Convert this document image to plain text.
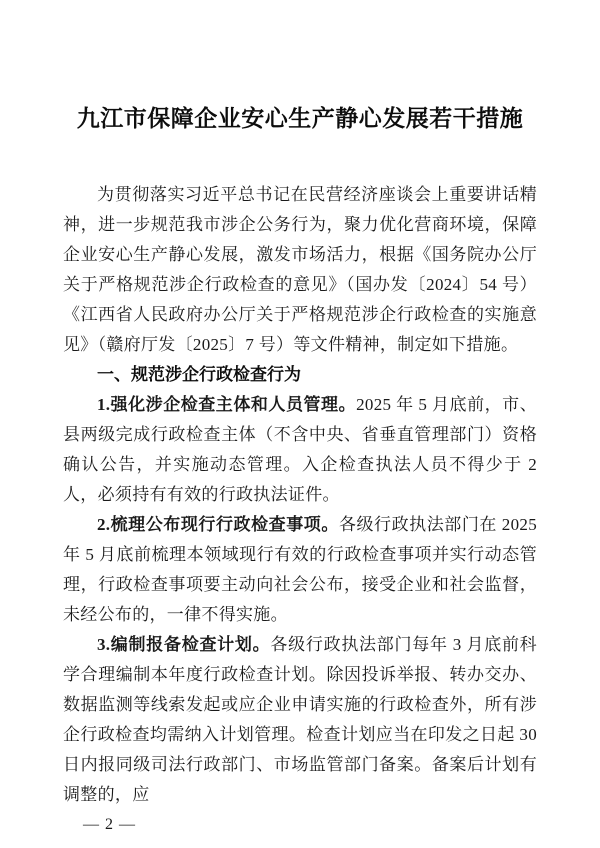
九江市保障企业安心生产静心发展若干措施

为贯彻落实习近平总书记在民营经济座谈会上重要讲话精神，进一步规范我市涉企公务行为，聚力优化营商环境，保障企业安心生产静心发展，激发市场活力，根据《国务院办公厅关于严格规范涉企行政检查的意见》（国办发〔2024〕54 号）《江西省人民政府办公厅关于严格规范涉企行政检查的实施意见》（赣府厅发〔2025〕7 号）等文件精神，制定如下措施。

一、规范涉企行政检查行为

1.强化涉企检查主体和人员管理。2025 年 5 月底前，市、县两级完成行政检查主体（不含中央、省垂直管理部门）资格确认公告，并实施动态管理。入企检查执法人员不得少于 2 人，必须持有有效的行政执法证件。

2.梳理公布现行行政检查事项。各级行政执法部门在 2025 年 5 月底前梳理本领域现行有效的行政检查事项并实行动态管理，行政检查事项要主动向社会公布，接受企业和社会监督，未经公布的，一律不得实施。

3.编制报备检查计划。各级行政执法部门每年 3 月底前科学合理编制本年度行政检查计划。除因投诉举报、转办交办、数据监测等线索发起或应企业申请实施的行政检查外，所有涉企行政检查均需纳入计划管理。检查计划应当在印发之日起 30 日内报同级司法行政部门、市场监管部门备案。备案后计划有调整的，应

— 2 —
